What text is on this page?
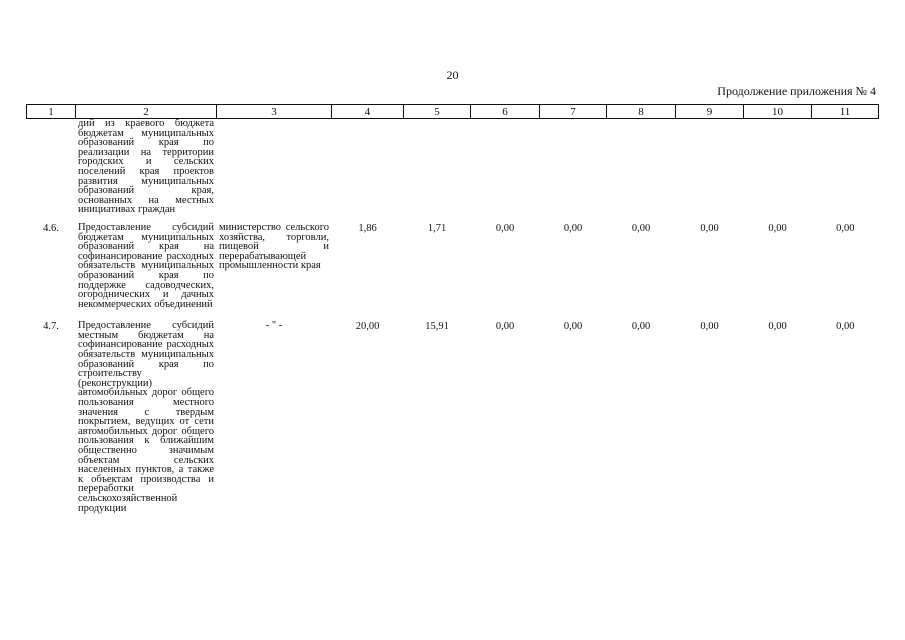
20
Продолжение приложения № 4
1	2	3	4	5	6	7	8	9	10	11
	дий из краевого бюджета бюджетам муниципальных образований края по реализации на территории городских и сельских поселений края проектов развития муниципальных образований края, основанных на местных инициативах граждан									
4.6.	Предоставление субсидий бюджетам муниципальных образований края на софинансирование расходных обязательств муниципальных образований края по поддержке садоводческих, огороднических и дачных некоммерческих объединений	министерство сельского хозяйства, торговли, пищевой и перерабатывающей промышленности края	1,86	1,71	0,00	0,00	0,00	0,00	0,00	0,00
4.7.	Предоставление субсидий местным бюджетам на софинансирование расходных обязательств муниципальных образований края по строительству (реконструкции) автомобильных дорог общего пользования местного значения с твердым покрытием, ведущих от сети автомобильных дорог общего пользования к ближайшим общественно значимым объектам сельских населенных пунктов, а также к объектам производства и переработки сельскохозяйственной продукции	- " -	20,00	15,91	0,00	0,00	0,00	0,00	0,00	0,00
